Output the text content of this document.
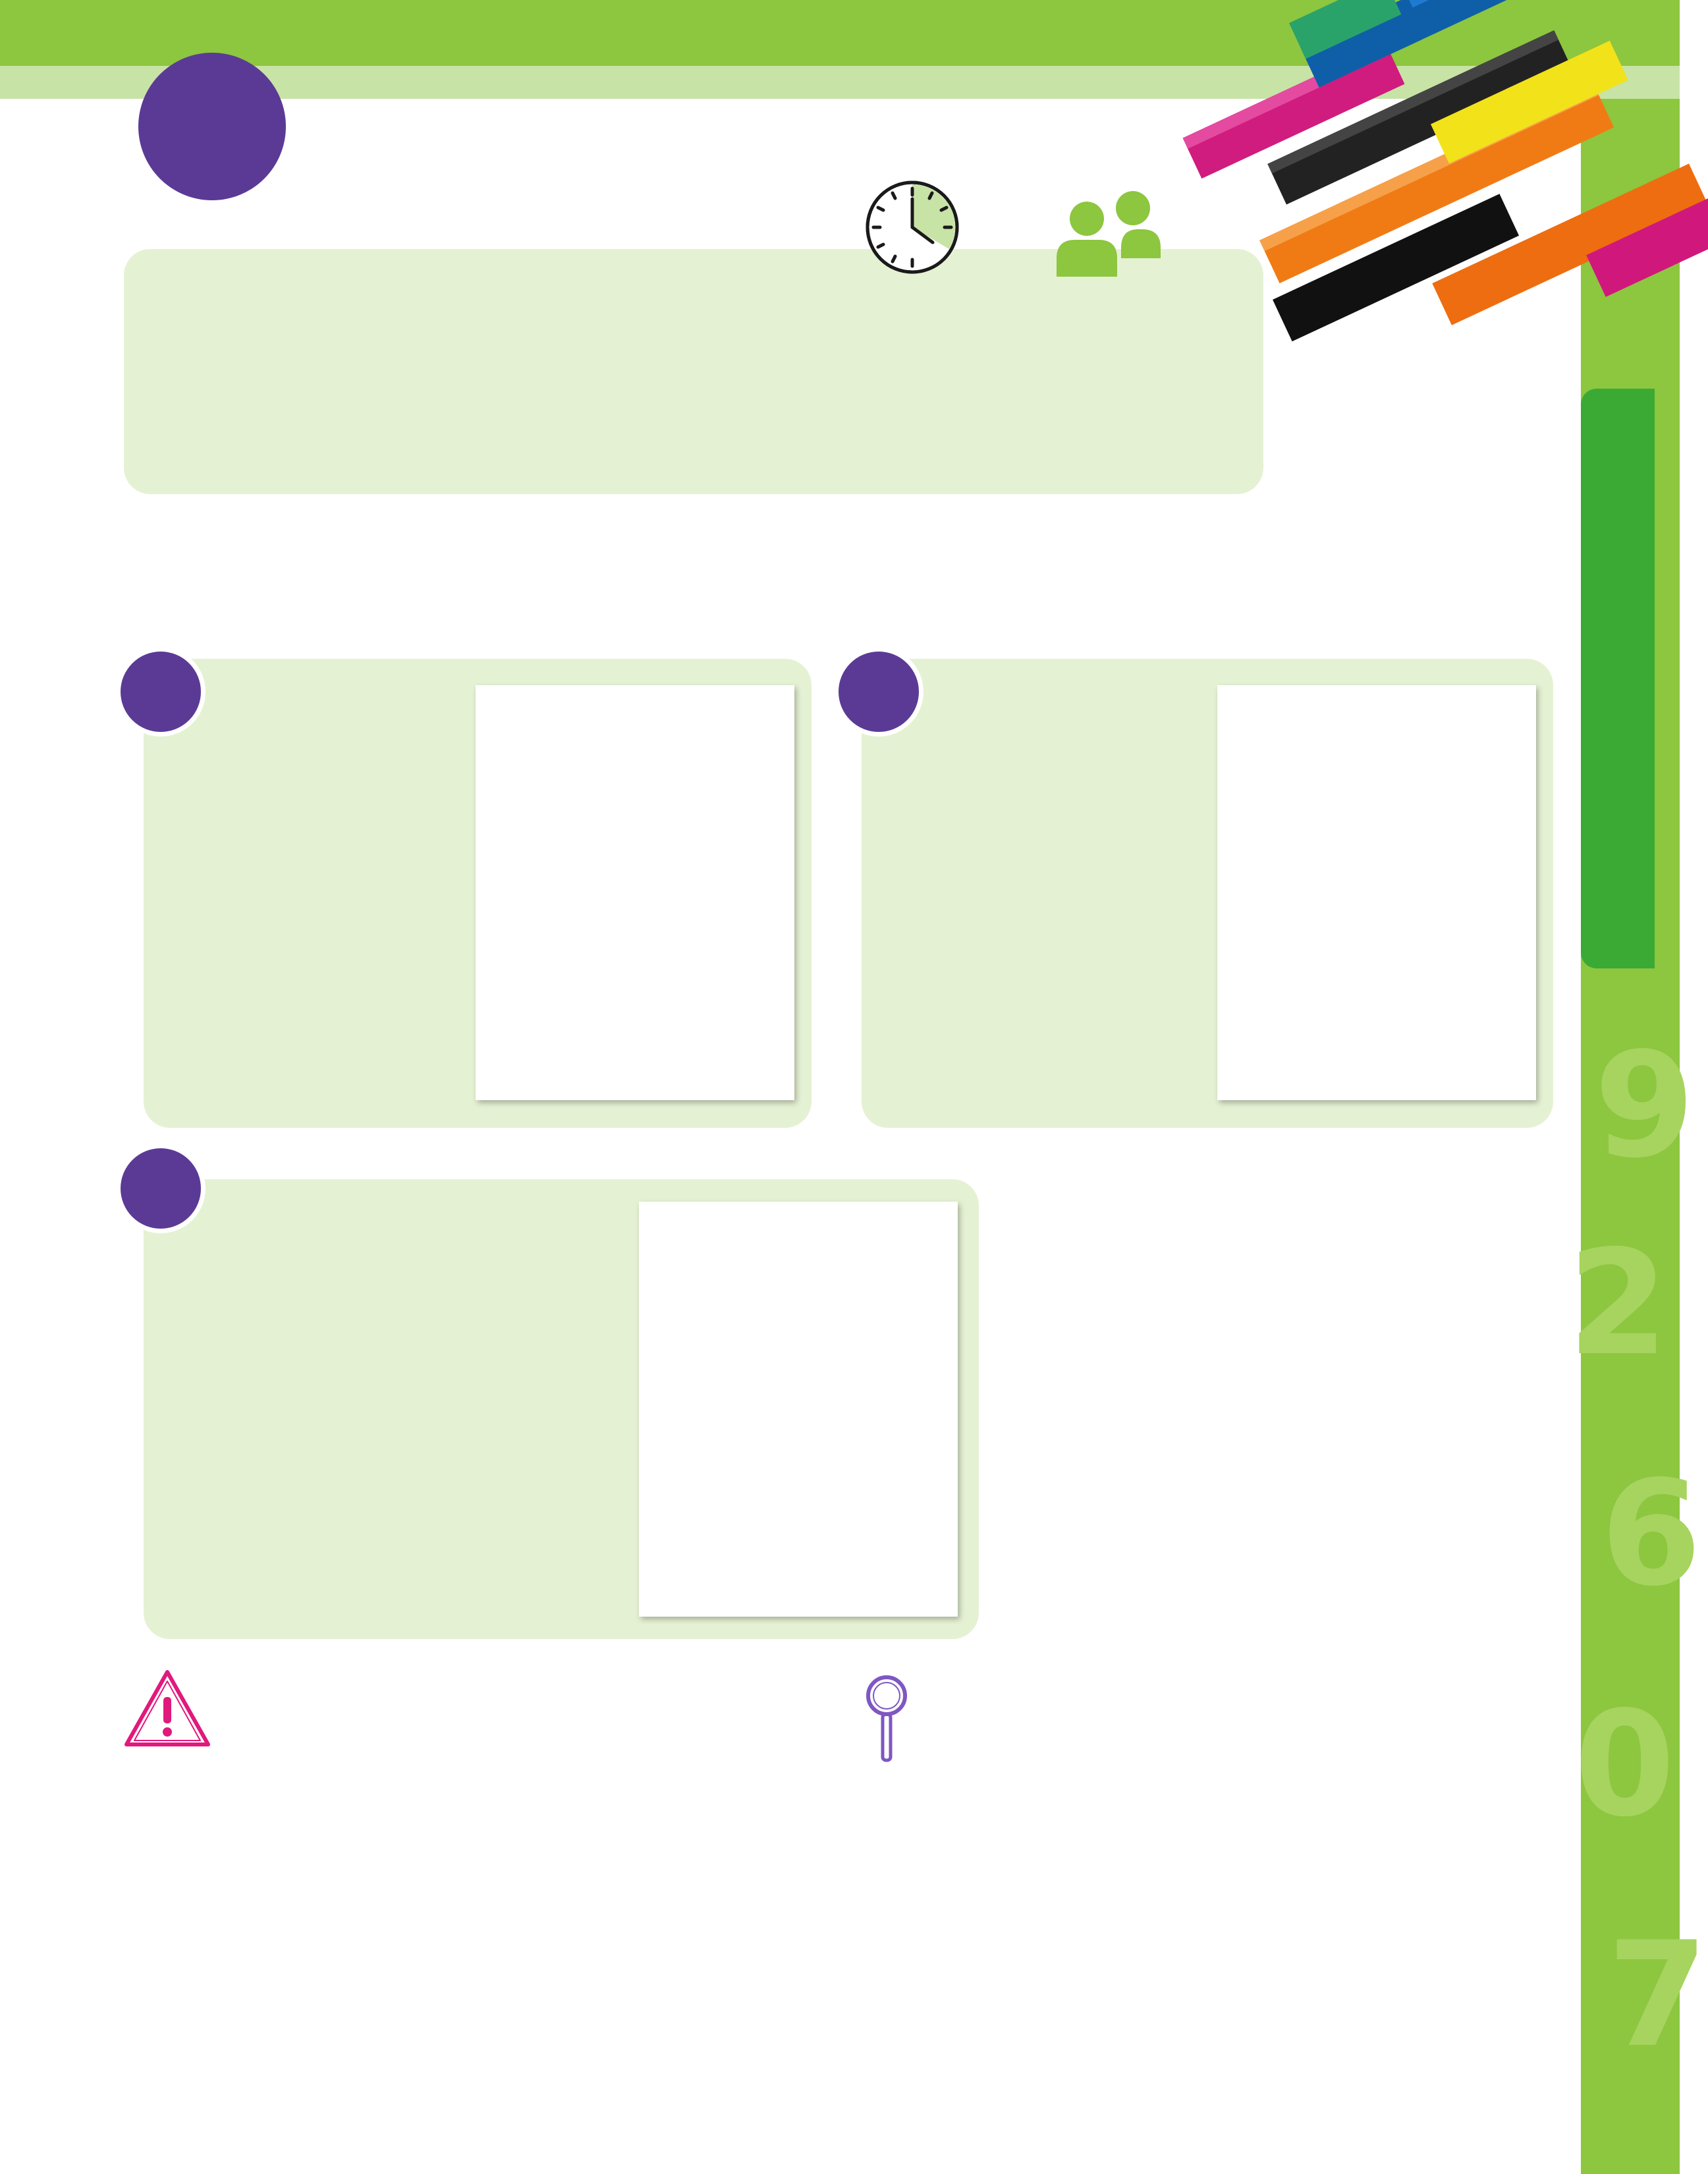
9
2
6
0
7
